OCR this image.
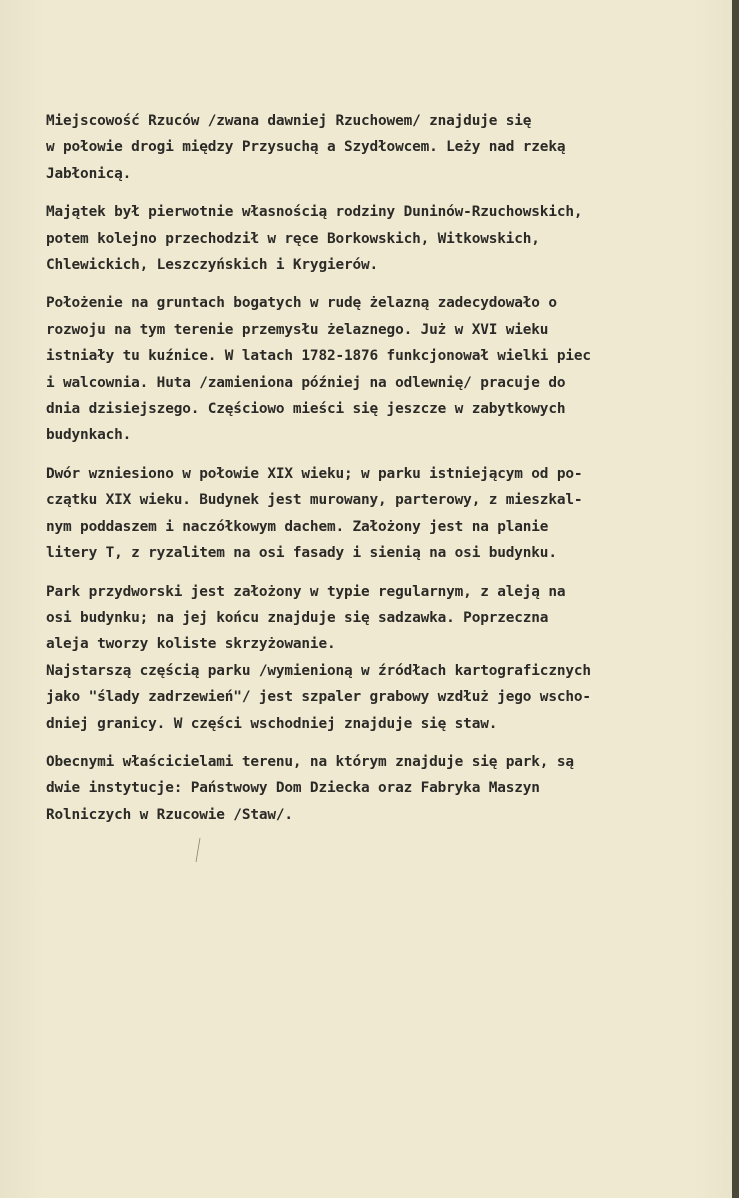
Miejscowość Rzuców /zwana dawniej Rzuchowem/ znajduje się
w połowie drogi między Przysuchą a Szydłowcem. Leży nad rzeką
Jabłonicą.

Majątek był pierwotnie własnością rodziny Duninów-Rzuchowskich,
potem kolejno przechodził w ręce Borkowskich, Witkowskich,
Chlewickich, Leszczyńskich i Krygierów.

Położenie na gruntach bogatych w rudę żelazną zadecydowało o
rozwoju na tym terenie przemysłu żelaznego. Już w XVI wieku
istniały tu kuźnice. W latach 1782-1876 funkcjonował wielki piec
i walcownia. Huta /zamieniona później na odlewnię/ pracuje do
dnia dzisiejszego. Częściowo mieści się jeszcze w zabytkowych
budynkach.

Dwór wzniesiono w połowie XIX wieku; w parku istniejącym od po-
czątku XIX wieku. Budynek jest murowany, parterowy, z mieszkal-
nym poddaszem i naczółkowym dachem. Założony jest na planie
litery T, z ryzalitem na osi fasady i sienią na osi budynku.

Park przydworski jest założony w typie regularnym, z aleją na
osi budynku; na jej końcu znajduje się sadzawka. Poprzeczna
aleja tworzy koliste skrzyżowanie.
Najstarszą częścią parku /wymienioną w źródłach kartograficznych
jako "ślady zadrzewień"/ jest szpaler grabowy wzdłuż jego wscho-
dniej granicy. W części wschodniej znajduje się staw.

Obecnymi właścicielami terenu, na którym znajduje się park, są
dwie instytucje: Państwowy Dom Dziecka oraz Fabryka Maszyn
Rolniczych w Rzucowie /Staw/.
